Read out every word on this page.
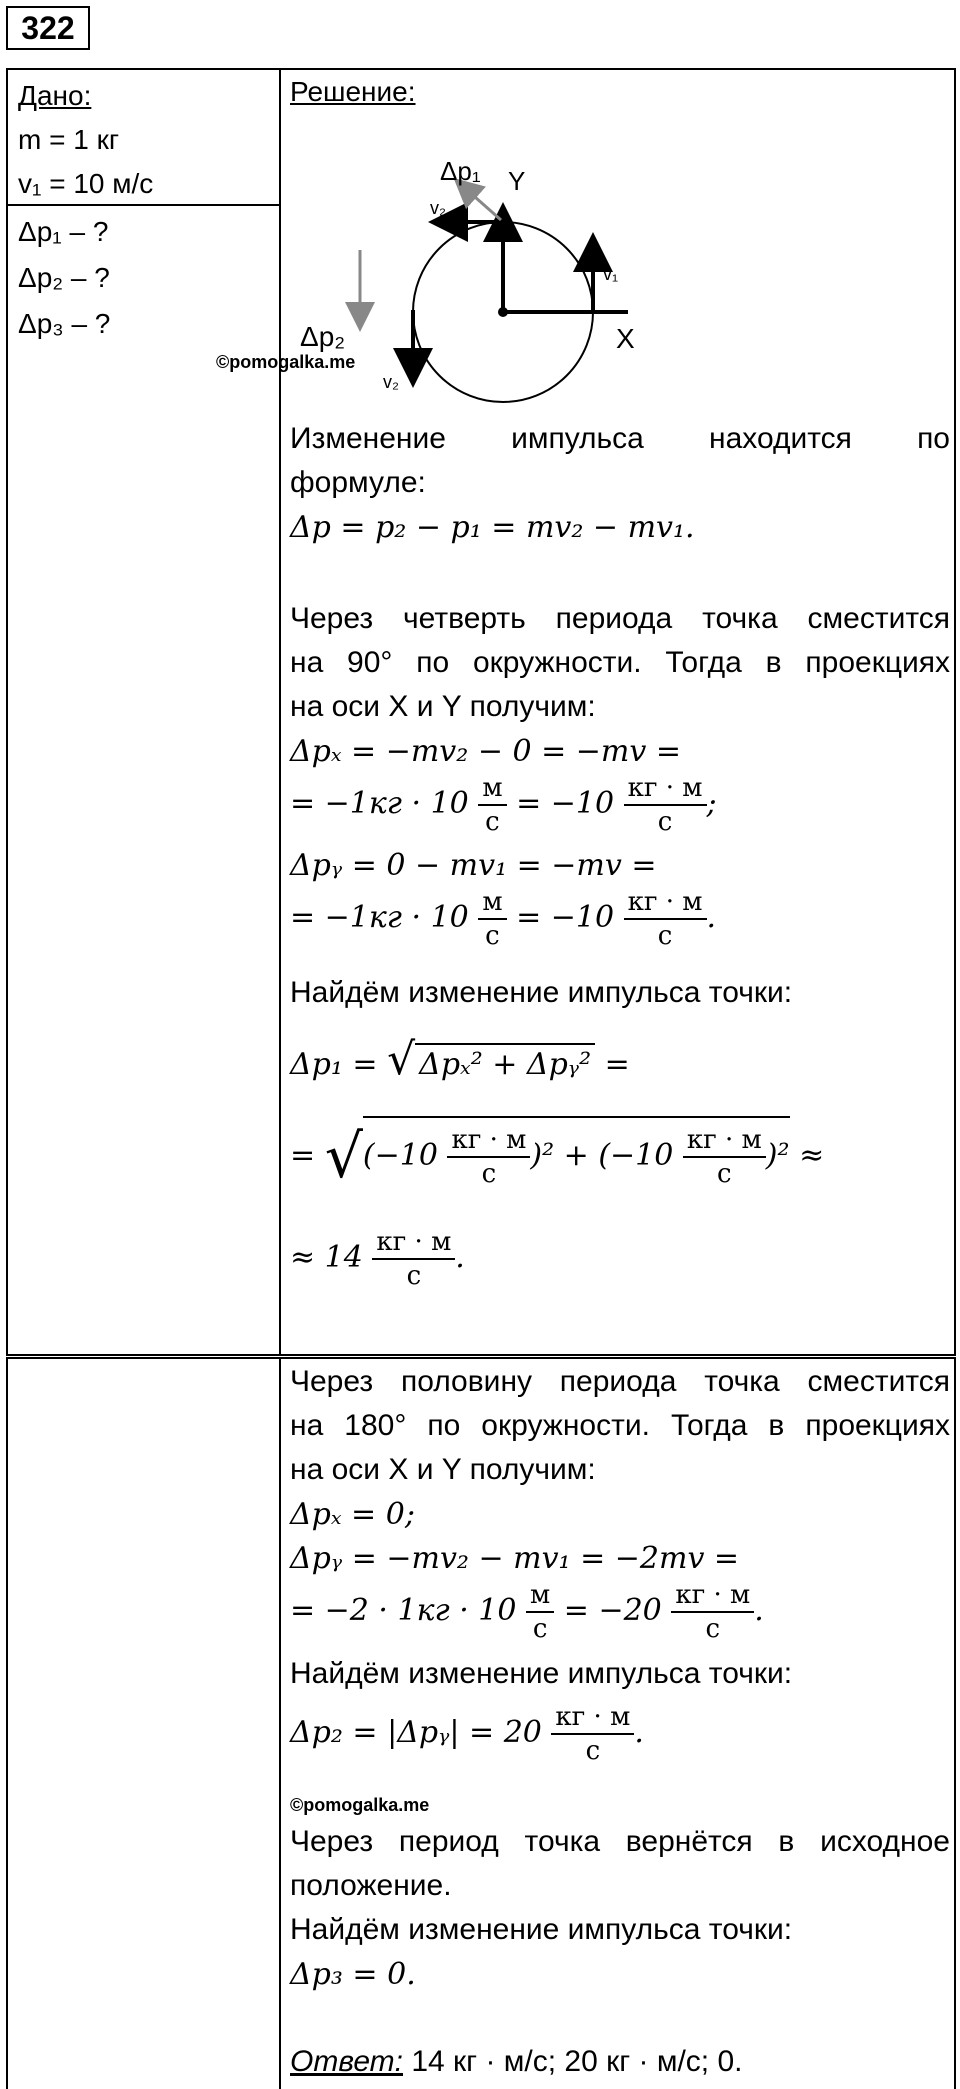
322
Дано:
m = 1 кг
v₁ = 10 м/с
Δp₁ – ?
Δp₂ – ?
Δp₃ – ?
Решение:
Δp₁ Y
v₂
v₁
X
Δp₂
v₂
©pomogalka.me
Изменение импульса находится по
формуле:
Δp = p₂ − p₁ = mv₂ − mv₁.
Через четверть периода точка сместится
на 90° по окружности. Тогда в проекциях
на оси X и Y получим:
Δpₓ = −mv₂ − 0 = −mv =
= $-1кг \cdot 10 \frac{м}{с} = -10 \frac{кг \cdot м}{с}$ ;
Δpᵧ = 0 − mv₁ = −mv =
= $-1кг \cdot 10 \frac{м}{с} = -10 \frac{кг \cdot м}{с}$ .
Найдём изменение импульса точки:
Δp₁ = √ Δpₓ² + Δpᵧ² =
= $√(-10 \frac{кг \cdot м}{с} )^2 + (-10 \frac{кг \cdot м}{с} )^2$ ≈
≈ $14 \frac{кг \cdot м}{с}$ .
Через половину периода точка сместится
на 180° по окружности. Тогда в проекциях
на оси X и Y получим:
Δpₓ = 0;
Δpᵧ = −mv₂ − mv₁ = −2mv =
= $-2 \cdot 1кг \cdot 10 \frac{м}{с} = -20 \frac{кг \cdot м}{с}$ .
Найдём изменение импульса точки:
Δp₂ = |Δpᵧ| = $20 \frac{кг \cdot м}{с}$ .
©pomogalka.me
Через период точка вернётся в исходное
положение.
Найдём изменение импульса точки:
Δp₃ = 0.
Ответ: 14 кг · м/с; 20 кг · м/с; 0.
